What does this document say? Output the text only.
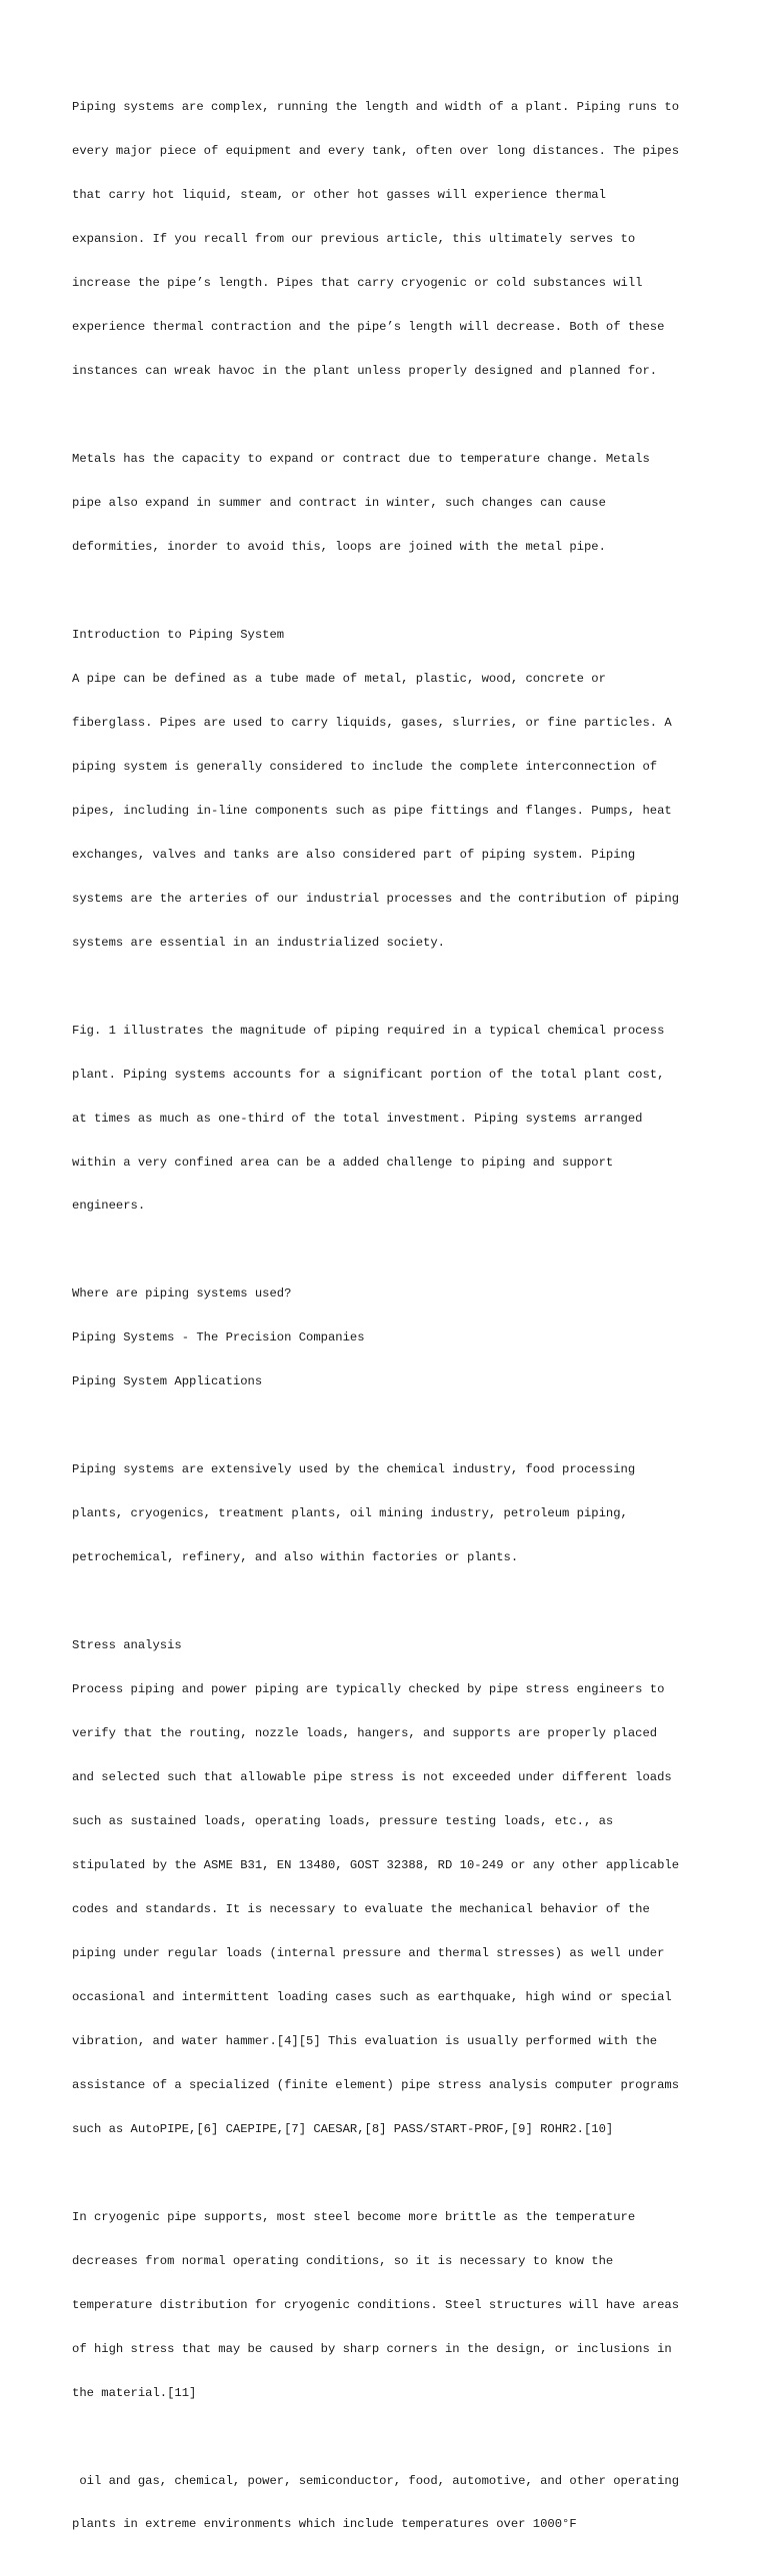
Piping systems are complex, running the length and width of a plant. Piping runs to

every major piece of equipment and every tank, often over long distances. The pipes

that carry hot liquid, steam, or other hot gasses will experience thermal

expansion. If you recall from our previous article, this ultimately serves to

increase the pipe’s length. Pipes that carry cryogenic or cold substances will

experience thermal contraction and the pipe’s length will decrease. Both of these

instances can wreak havoc in the plant unless properly designed and planned for.

Metals has the capacity to expand or contract due to temperature change. Metals

pipe also expand in summer and contract in winter, such changes can cause

deformities, inorder to avoid this, loops are joined with the metal pipe.

Introduction to Piping System

A pipe can be defined as a tube made of metal, plastic, wood, concrete or

fiberglass. Pipes are used to carry liquids, gases, slurries, or fine particles. A

piping system is generally considered to include the complete interconnection of

pipes, including in-line components such as pipe fittings and flanges. Pumps, heat

exchanges, valves and tanks are also considered part of piping system. Piping

systems are the arteries of our industrial processes and the contribution of piping

systems are essential in an industrialized society.

Fig. 1 illustrates the magnitude of piping required in a typical chemical process

plant. Piping systems accounts for a significant portion of the total plant cost,

at times as much as one-third of the total investment. Piping systems arranged

within a very confined area can be a added challenge to piping and support

engineers.

Where are piping systems used?

Piping Systems - The Precision Companies

Piping System Applications

Piping systems are extensively used by the chemical industry, food processing

plants, cryogenics, treatment plants, oil mining industry, petroleum piping,

petrochemical, refinery, and also within factories or plants.

Stress analysis

Process piping and power piping are typically checked by pipe stress engineers to

verify that the routing, nozzle loads, hangers, and supports are properly placed

and selected such that allowable pipe stress is not exceeded under different loads

such as sustained loads, operating loads, pressure testing loads, etc., as

stipulated by the ASME B31, EN 13480, GOST 32388, RD 10-249 or any other applicable

codes and standards. It is necessary to evaluate the mechanical behavior of the

piping under regular loads (internal pressure and thermal stresses) as well under

occasional and intermittent loading cases such as earthquake, high wind or special

vibration, and water hammer.[4][5] This evaluation is usually performed with the

assistance of a specialized (finite element) pipe stress analysis computer programs

such as AutoPIPE,[6] CAEPIPE,[7] CAESAR,[8] PASS/START-PROF,[9] ROHR2.[10]

In cryogenic pipe supports, most steel become more brittle as the temperature

decreases from normal operating conditions, so it is necessary to know the

temperature distribution for cryogenic conditions. Steel structures will have areas

of high stress that may be caused by sharp corners in the design, or inclusions in

the material.[11]

oil and gas, chemical, power, semiconductor, food, automotive, and other operating

plants in extreme environments which include temperatures over 1000°F
